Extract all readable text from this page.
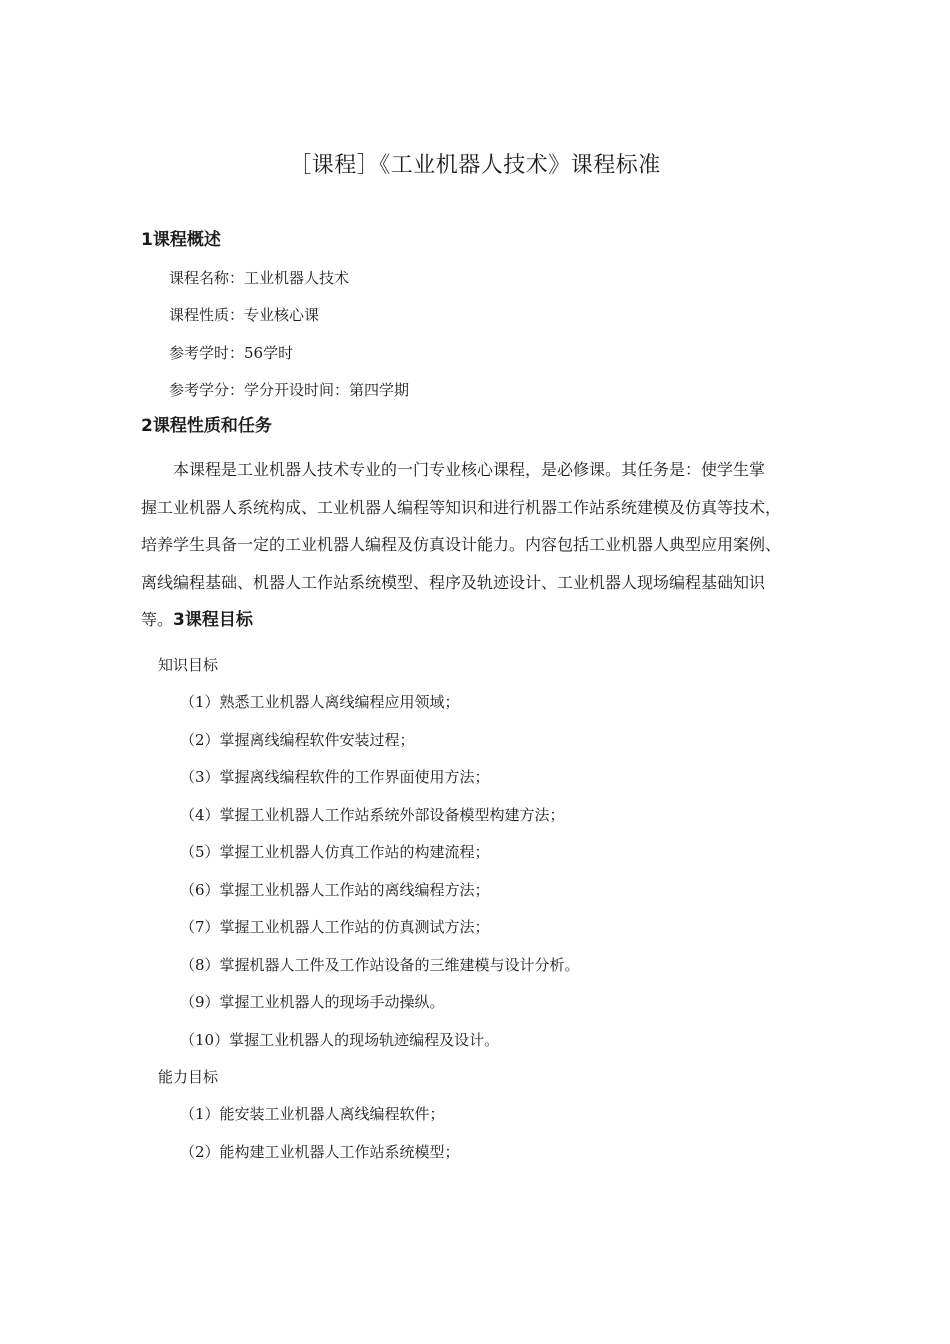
［课程］《工业机器人技术》课程标准
1课程概述
课程名称：工业机器人技术
课程性质：专业核心课
参考学时：56学时
参考学分：学分开设时间：第四学期
2课程性质和任务
本课程是工业机器人技术专业的一门专业核心课程，是必修课。其任务是：使学生掌
握工业机器人系统构成、工业机器人编程等知识和进行机器工作站系统建模及仿真等技术，
培养学生具备一定的工业机器人编程及仿真设计能力。内容包括工业机器人典型应用案例、
离线编程基础、机器人工作站系统模型、程序及轨迹设计、工业机器人现场编程基础知识
等。3课程目标
知识目标
（1）熟悉工业机器人离线编程应用领域；
（2）掌握离线编程软件安装过程；
（3）掌握离线编程软件的工作界面使用方法；
（4）掌握工业机器人工作站系统外部设备模型构建方法；
（5）掌握工业机器人仿真工作站的构建流程；
（6）掌握工业机器人工作站的离线编程方法；
（7）掌握工业机器人工作站的仿真测试方法；
（8）掌握机器人工件及工作站设备的三维建模与设计分析。
（9）掌握工业机器人的现场手动操纵。
（10）掌握工业机器人的现场轨迹编程及设计。
能力目标
（1）能安装工业机器人离线编程软件；
（2）能构建工业机器人工作站系统模型；
